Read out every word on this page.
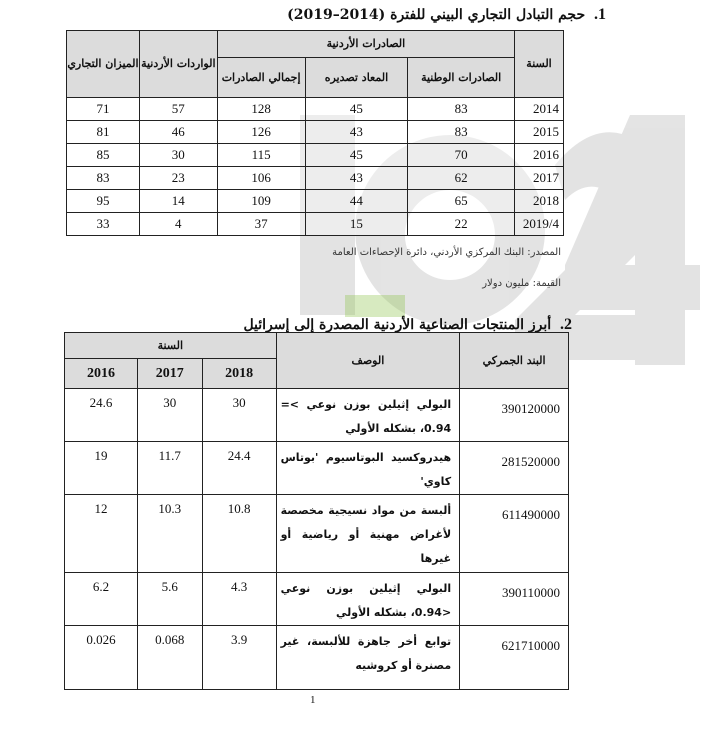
1. حجم التبادل التجاري البيني للفترة (2014–2019)
السنة	الصادرات الأردنية			الواردات الأردنية	الميزان التجاري
	الصادرات الوطنية	المعاد تصديره	إجمالي الصادرات		
2014	83	45	128	57	71
2015	83	43	126	46	81
2016	70	45	115	30	85
2017	62	43	106	23	83
2018	65	44	109	14	95
2019/4	22	15	37	4	33
المصدر: البنك المركزي الأردني، دائرة الإحصاءات العامة
القيمة: مليون دولار
2. أبرز المنتجات الصناعية الأردنية المصدرة إلى إسرائيل
البند الجمركي	الوصف	السنة		
		2018	2017	2016
390120000	البولي إثيلين بوزن نوعي >= 0.94، بشكله الأولي	30	30	24.6
281520000	هيدروكسيد البوتاسيوم 'بوتاس كاوي'	24.4	11.7	19
611490000	ألبسة من مواد نسيجية مخصصة لأغراض مهنية أو رياضية أو غيرها	10.8	10.3	12
390110000	البولي إثيلين بوزن نوعي <0.94، بشكله الأولي	4.3	5.6	6.2
621710000	توابع أخر جاهزة للألبسة، غير مصنرة أو كروشيه	3.9	0.068	0.026
1
